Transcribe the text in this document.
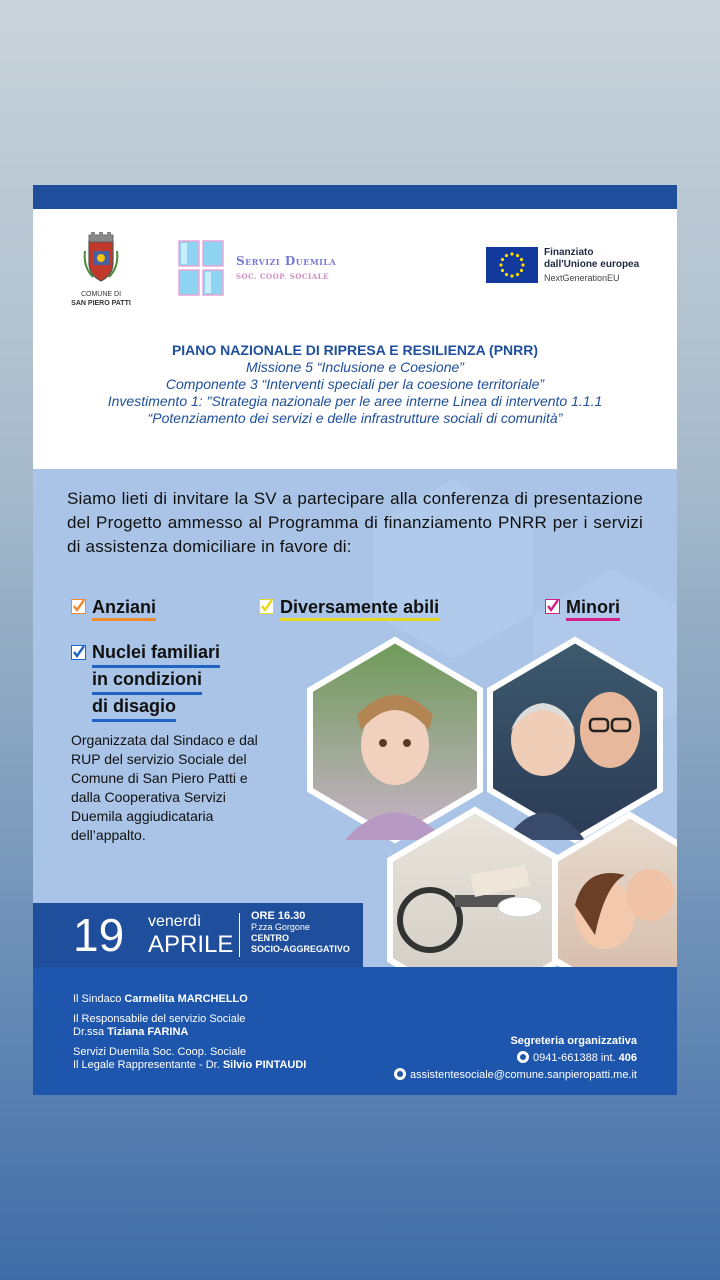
COMUNE DI
SAN PIERO PATTI
Servizi Duemila
SOC. COOP. SOCIALE
Finanziato
dall'Unione europea
NextGenerationEU
PIANO NAZIONALE DI RIPRESA E RESILIENZA (PNRR)
Missione 5 “Inclusione e Coesione”
Componente 3 “Interventi speciali per la coesione territoriale”
Investimento 1: "Strategia nazionale per le aree interne Linea di intervento 1.1.1
“Potenziamento dei servizi e delle infrastrutture sociali di comunità”
Siamo lieti di invitare la SV a partecipare alla conferenza di presentazione del Progetto ammesso al Programma di finanziamento PNRR per i servizi di assistenza domiciliare in favore di:
Anziani	Diversamente abili	Minori
Nuclei familiari
in condizioni
di disagio
Organizzata dal Sindaco e dal RUP del servizio Sociale del Comune di San Piero Patti e dalla Cooperativa Servizi Duemila aggiudicataria dell’appalto.
19 venerdì
APRILE
ORE 16.30
P.zza Gorgone
CENTRO
SOCIO-AGGREGATIVO
Il Sindaco Carmelita MARCHELLO
Il Responsabile del servizio Sociale
Dr.ssa Tiziana FARINA
Servizi Duemila Soc. Coop. Sociale
Il Legale Rappresentante - Dr. Silvio PINTAUDI
Segreteria organizzativa
0941-661388 int. 406
assistentesociale@comune.sanpieropatti.me.it
